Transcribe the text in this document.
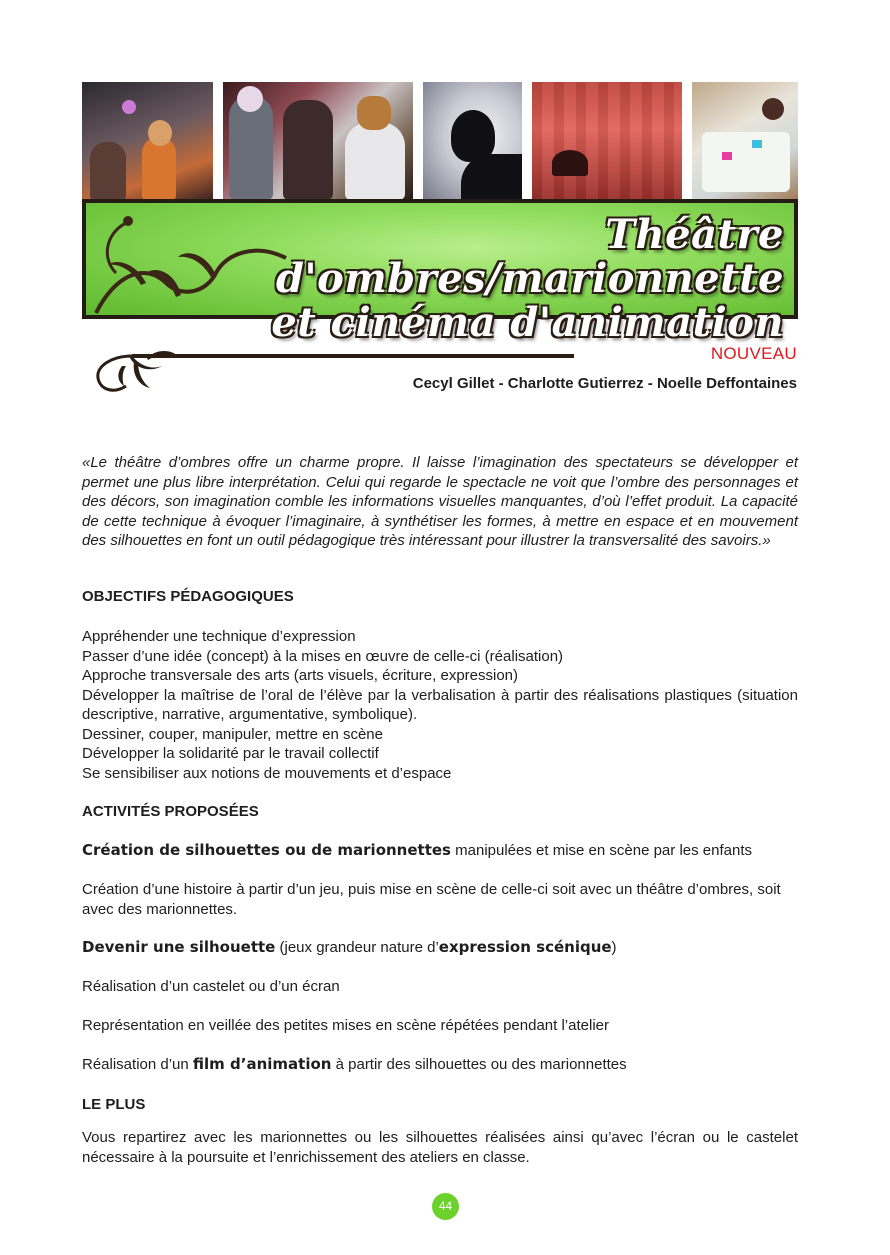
Théâtre d'ombres/marionnette
et cinéma d'animation
NOUVEAU
Cecyl Gillet - Charlotte Gutierrez - Noelle Deffontaines
«Le théâtre d’ombres offre un charme propre. Il laisse l’imagination des spectateurs se développer et permet une plus libre interprétation. Celui qui regarde le spectacle ne voit que l’ombre des personnages et des décors, son imagination comble les informations visuelles manquantes, d’où l’effet produit. La capacité de cette technique à évoquer l’imaginaire, à synthétiser les formes, à mettre en espace et en mouvement des silhouettes en font un outil pédagogique très intéressant pour illustrer la transversalité des savoirs.»
OBJECTIFS PÉDAGOGIQUES
Appréhender une technique d’expression
Passer d’une idée (concept) à la mises en œuvre de celle-ci (réalisation)
Approche transversale des arts (arts visuels, écriture, expression)
Développer la maîtrise de l’oral de l’élève par la verbalisation à partir des réalisations plastiques (situation descriptive, narrative, argumentative, symbolique).
Dessiner, couper, manipuler, mettre en scène
Développer la solidarité par le travail collectif
Se sensibiliser aux notions de mouvements et d’espace
ACTIVITÉS PROPOSÉES
Création de silhouettes ou de marionnettes manipulées et mise en scène par les enfants
Création d’une histoire à partir d’un jeu, puis mise en scène de celle-ci soit avec un théâtre d’ombres, soit avec des marionnettes.
Devenir une silhouette (jeux grandeur nature d’expression scénique)
Réalisation d’un castelet ou d’un écran
Représentation en veillée des petites mises en scène répétées pendant l’atelier
Réalisation d’un film d’animation à partir des silhouettes ou des marionnettes
LE PLUS
Vous repartirez avec les marionnettes ou les silhouettes réalisées ainsi qu’avec l’écran ou le castelet nécessaire à la poursuite et l’enrichissement des ateliers en classe.
44
